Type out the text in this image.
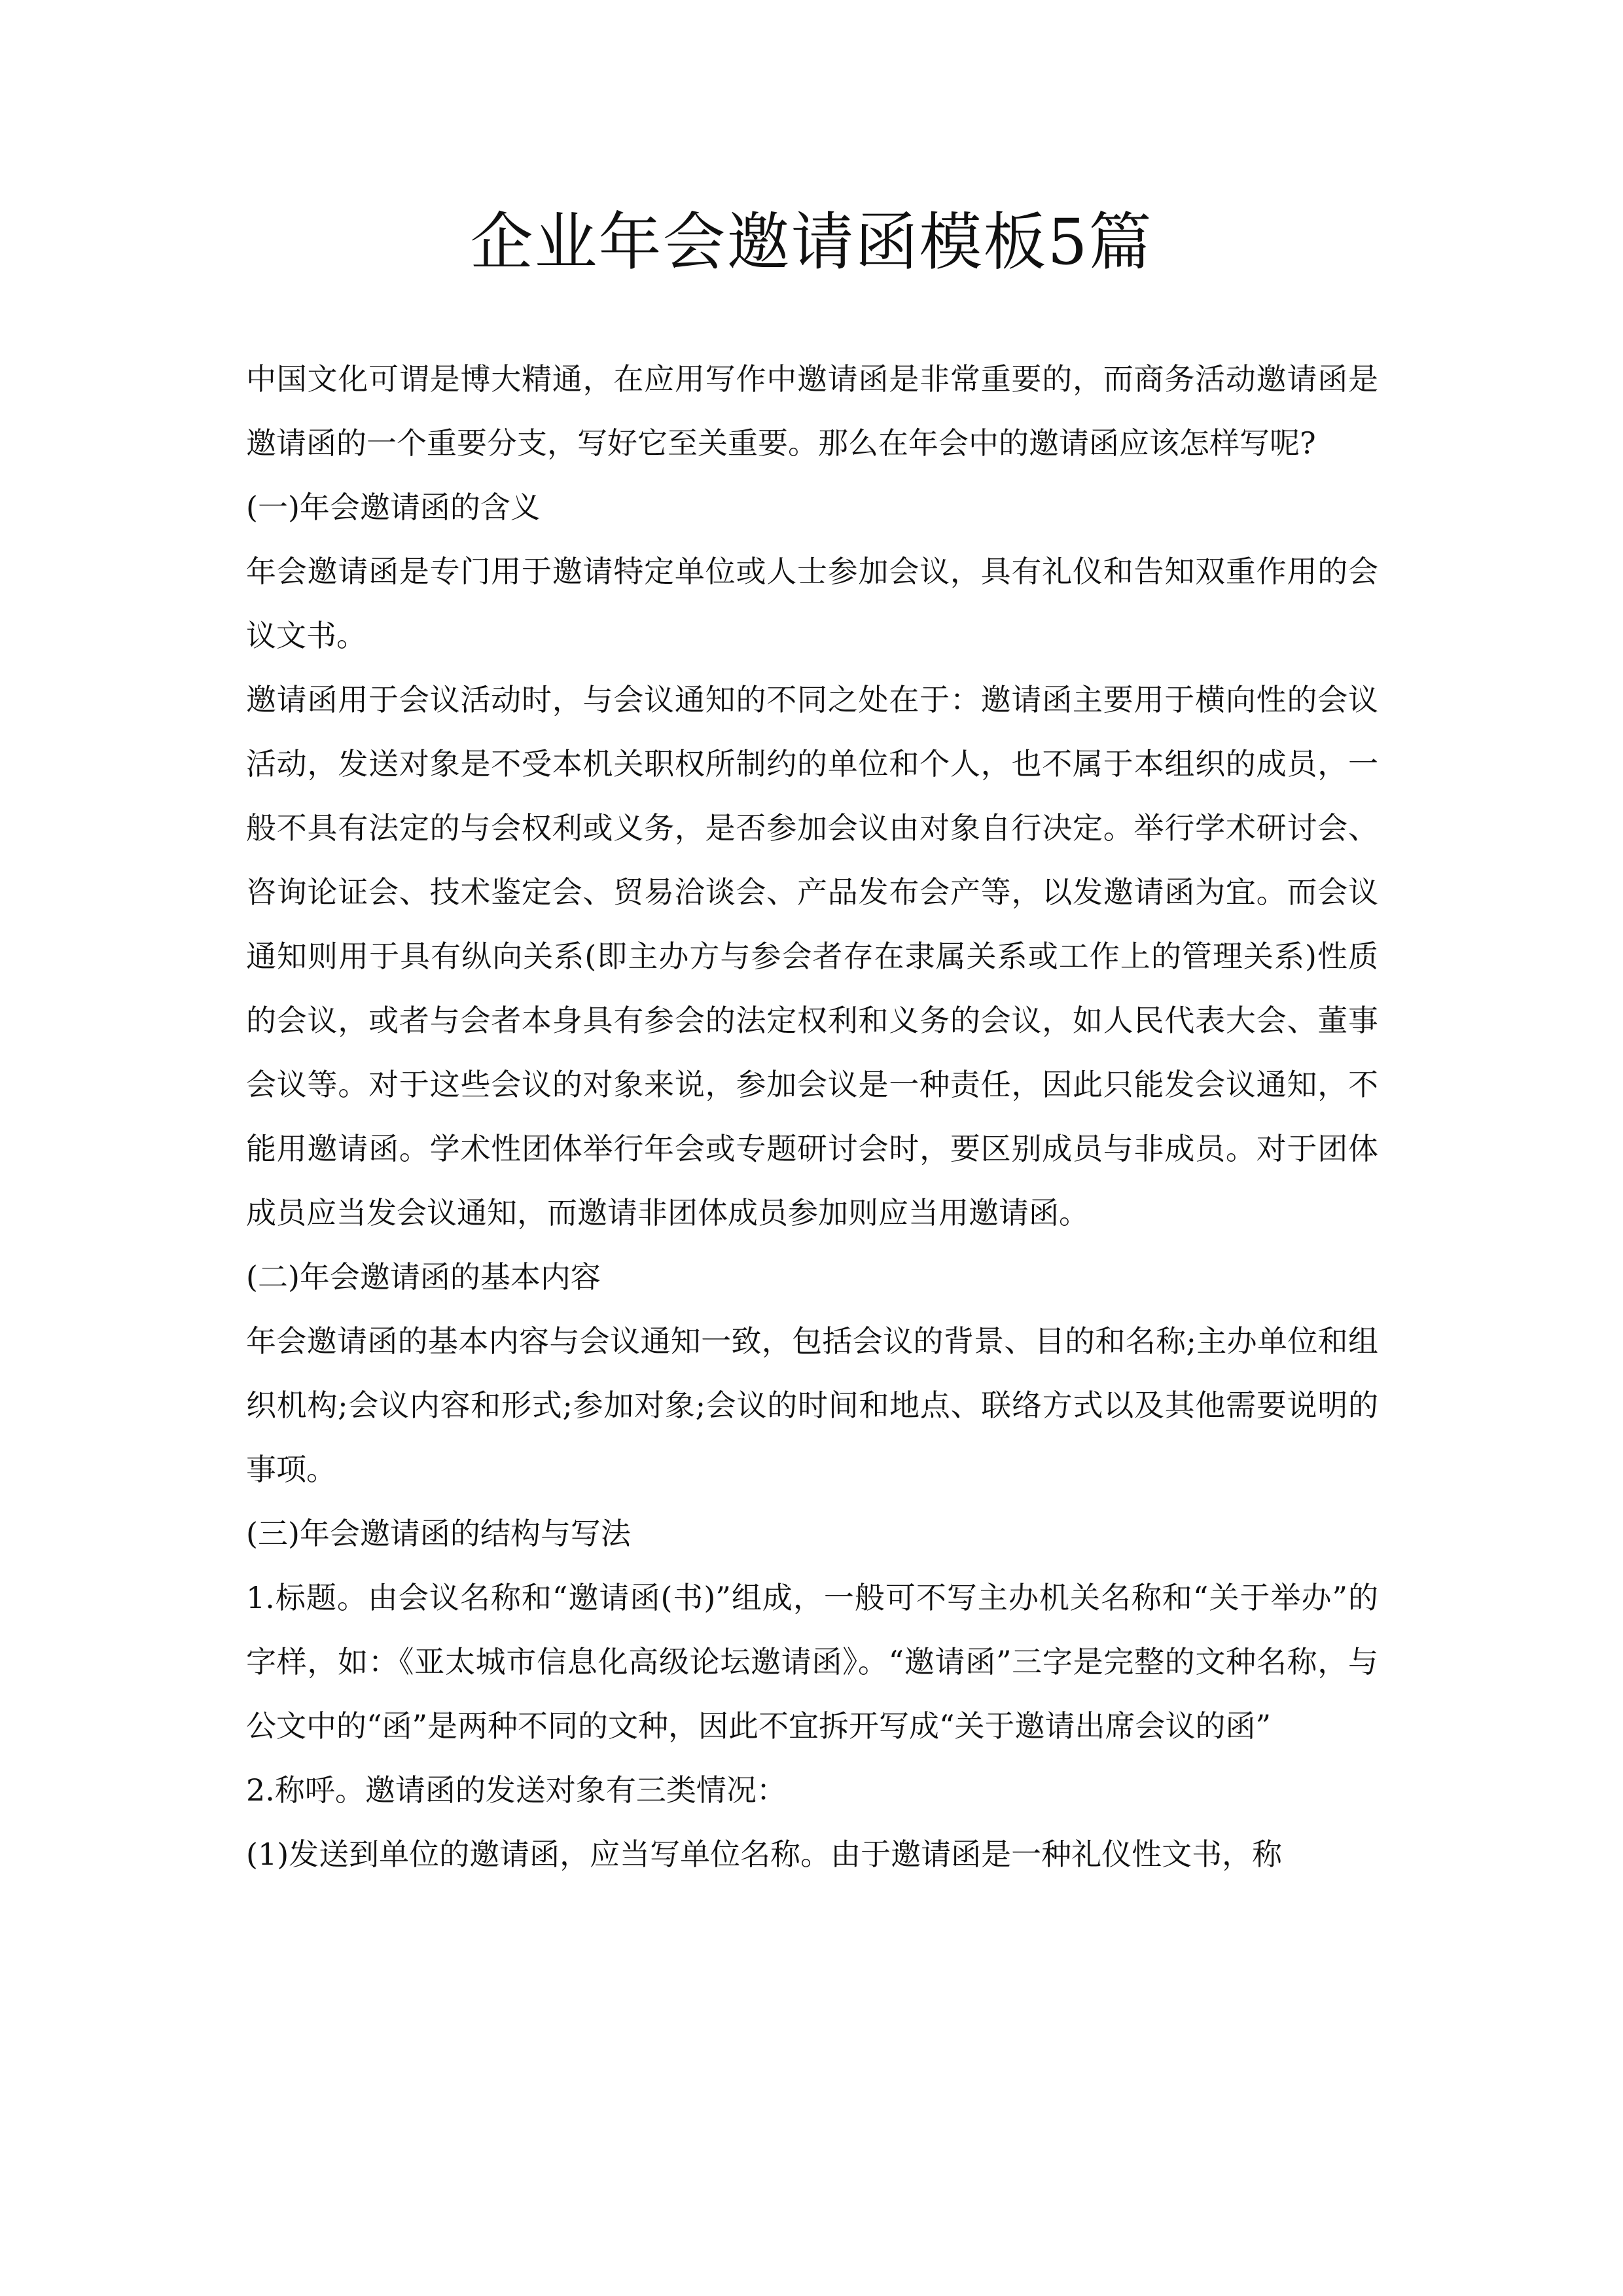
企业年会邀请函模板5篇

中国文化可谓是博大精通，在应用写作中邀请函是非常重要的，而商务活动邀请函是邀请函的一个重要分支，写好它至关重要。那么在年会中的邀请函应该怎样写呢?

(一)年会邀请函的含义

年会邀请函是专门用于邀请特定单位或人士参加会议，具有礼仪和告知双重作用的会议文书。

邀请函用于会议活动时，与会议通知的不同之处在于：邀请函主要用于横向性的会议活动，发送对象是不受本机关职权所制约的单位和个人，也不属于本组织的成员，一般不具有法定的与会权利或义务，是否参加会议由对象自行决定。举行学术研讨会、咨询论证会、技术鉴定会、贸易洽谈会、产品发布会产等，以发邀请函为宜。而会议通知则用于具有纵向关系(即主办方与参会者存在隶属关系或工作上的管理关系)性质的会议，或者与会者本身具有参会的法定权利和义务的会议，如人民代表大会、董事会议等。对于这些会议的对象来说，参加会议是一种责任，因此只能发会议通知，不能用邀请函。学术性团体举行年会或专题研讨会时，要区别成员与非成员。对于团体成员应当发会议通知，而邀请非团体成员参加则应当用邀请函。

(二)年会邀请函的基本内容

年会邀请函的基本内容与会议通知一致，包括会议的背景、目的和名称;主办单位和组织机构;会议内容和形式;参加对象;会议的时间和地点、联络方式以及其他需要说明的事项。

(三)年会邀请函的结构与写法

1.标题。由会议名称和“邀请函(书)”组成，一般可不写主办机关名称和“关于举办”的字样，如：《亚太城市信息化高级论坛邀请函》。“邀请函”三字是完整的文种名称，与公文中的“函”是两种不同的文种，因此不宜拆开写成“关于邀请出席会议的函”

2.称呼。邀请函的发送对象有三类情况：

(1)发送到单位的邀请函，应当写单位名称。由于邀请函是一种礼仪性文书，称
